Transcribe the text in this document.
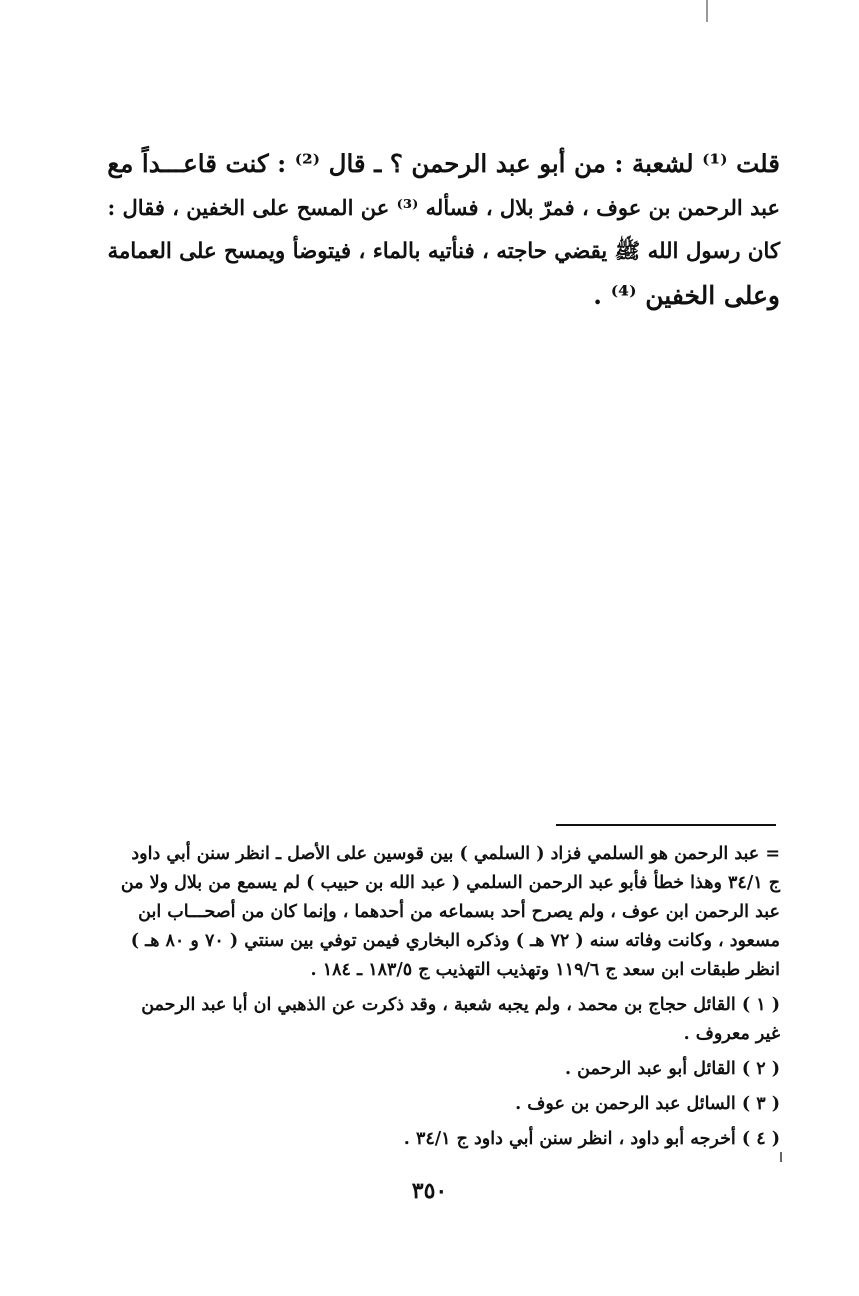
قلت ⁽¹⁾ لشعبة : من أبو عبد الرحمن ؟ ـ قال ⁽²⁾ : كنت قاعـــداً مع
عبد الرحمن بن عوف ، فمرّ بلال ، فسأله ⁽³⁾ عن المسح على الخفين ، فقال :
كان رسول الله ﷺ يقضي حاجته ، فنأتيه بالماء ، فيتوضأ ويمسح على العمامة
وعلى الخفين ⁽⁴⁾ .
= عبد الرحمن هو السلمي فزاد ( السلمي ) بين قوسين على الأصل ـ انظر سنن أبي داود
ج ٣٤/١ وهذا خطأ فأبو عبد الرحمن السلمي ( عبد الله بن حبيب ) لم يسمع من بلال ولا من
عبد الرحمن ابن عوف ، ولم يصرح أحد بسماعه من أحدهما ، وإنما كان من أصحـــاب ابن
مسعود ، وكانت وفاته سنه ( ٧٢ هـ ) وذكره البخاري فيمن توفي بين سنتي ( ٧٠ و ٨٠ هـ )
انظر طبقات ابن سعد ج ١١٩/٦ وتهذيب التهذيب ج ١٨٣/٥ ـ ١٨٤ .
( ١ ) القائل حجاج بن محمد ، ولم يجبه شعبة ، وقد ذكرت عن الذهبي ان أبا عبد الرحمن
غير معروف .
( ٢ ) القائل أبو عبد الرحمن .
( ٣ ) السائل عبد الرحمن بن عوف .
( ٤ ) أخرجه أبو داود ، انظر سنن أبي داود ج ٣٤/١ .
٣٥٠
